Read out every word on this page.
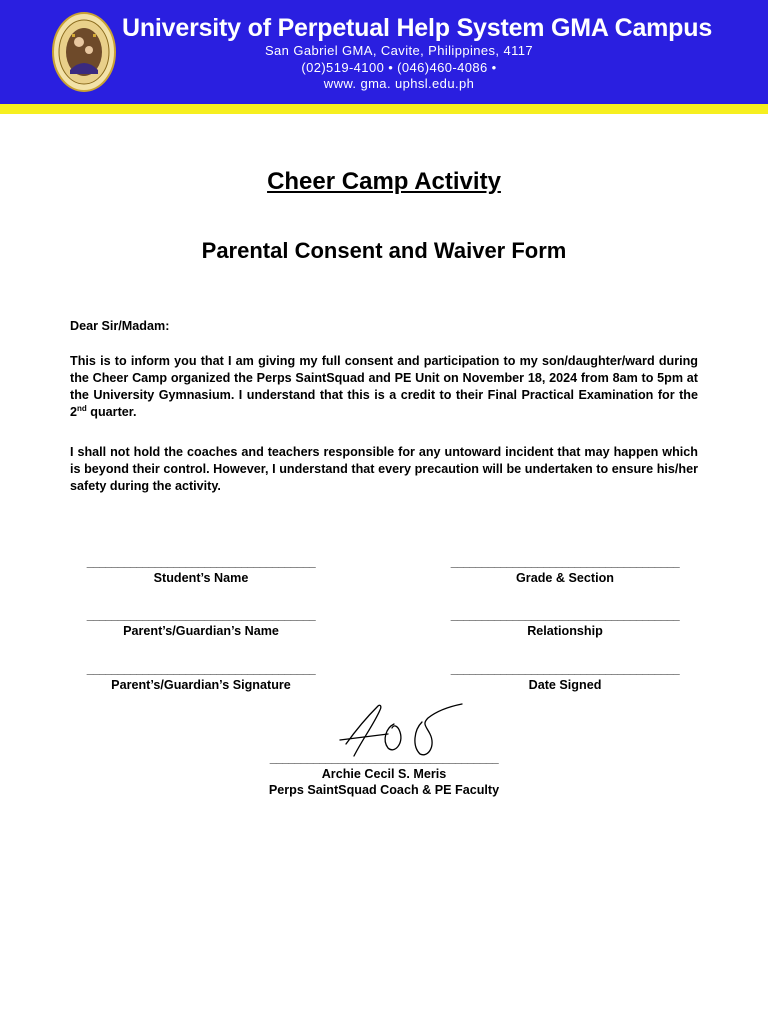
University of Perpetual Help System GMA Campus
San Gabriel GMA, Cavite, Philippines, 4117
(02)519-4100 • (046)460-4086 •
www. gma. uphsl.edu.ph
Cheer Camp Activity
Parental Consent and Waiver Form
Dear Sir/Madam:
This is to inform you that I am giving my full consent and participation to my son/daughter/ward during the Cheer Camp organized the Perps SaintSquad and PE Unit on November 18, 2024 from 8am to 5pm at the University Gymnasium. I understand that this is a credit to their Final Practical Examination for the 2nd quarter.
I shall not hold the coaches and teachers responsible for any untoward incident that may happen which is beyond their control. However, I understand that every precaution will be undertaken to ensure his/her safety during the activity.
_____________________________________
Student’s Name
_____________________________________
Grade & Section
_____________________________________
Parent’s/Guardian’s Name
_____________________________________
Relationship
_____________________________________
Parent’s/Guardian’s Signature
_____________________________________
Date Signed
_____________________________________
Archie Cecil S. Meris
Perps SaintSquad Coach & PE Faculty
